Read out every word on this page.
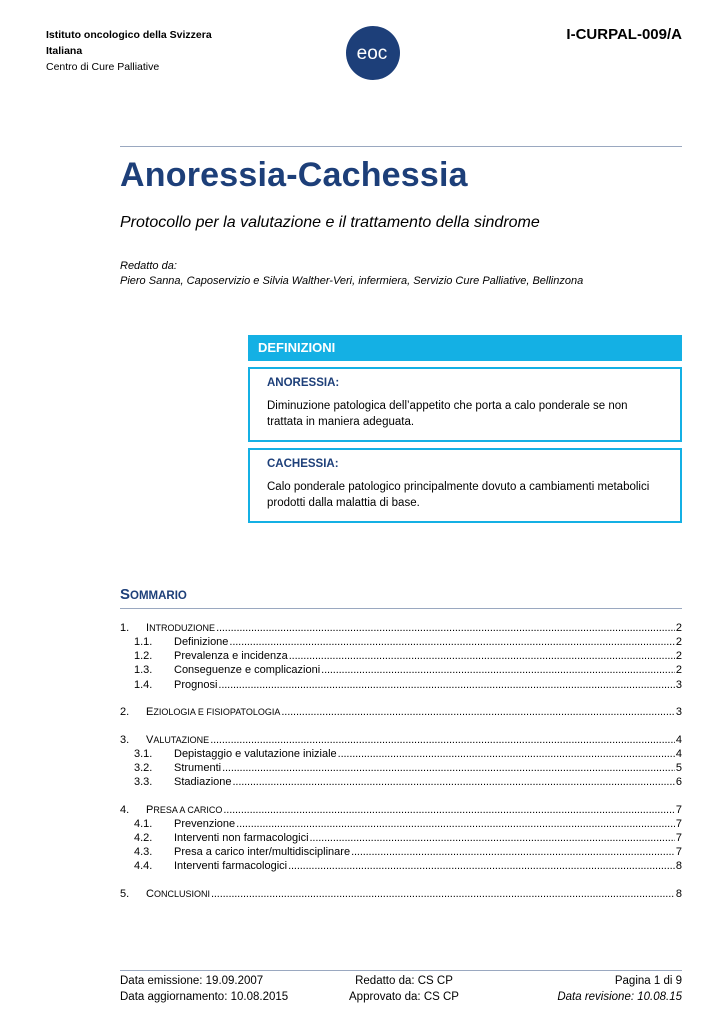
Istituto oncologico della Svizzera
Italiana
Centro di Cure Palliative
eoc
I-CURPAL-009/A
Anoressia-Cachessia
Protocollo per la valutazione e il trattamento della sindrome
Redatto da:
Piero Sanna, Caposervizio e Silvia Walther-Veri, infermiera, Servizio Cure Palliative, Bellinzona
DEFINIZIONI
ANORESSIA:
Diminuzione patologica dell’appetito che porta a calo ponderale se non trattata in maniera adeguata.
CACHESSIA:
Calo ponderale patologico principalmente dovuto a cambiamenti metabolici prodotti dalla malattia di base.
SOMMARIO
1.	INTRODUZIONE . . .	2
1.1.	Definizione . . .	2
1.2.	Prevalenza e incidenza . . .	2
1.3.	Conseguenze e complicazioni . . .	2
1.4.	Prognosi . . .	3
2.	EZIOLOGIA E FISIOPATOLOGIA . . .	3
3.	VALUTAZIONE . . .	4
3.1.	Depistaggio e valutazione iniziale . . .	4
3.2.	Strumenti . . .	5
3.3.	Stadiazione . . .	6
4.	PRESA A CARICO . . .	7
4.1.	Prevenzione . . .	7
4.2.	Interventi non farmacologici . . .	7
4.3.	Presa a carico inter/multidisciplinare . . .	7
4.4.	Interventi farmacologici . . .	8
5.	CONCLUSIONI . . .	8
Data emissione: 19.09.2007
Data aggiornamento: 10.08.2015
Redatto da: CS CP
Approvato da: CS CP
Pagina 1 di 9
Data revisione: 10.08.15
